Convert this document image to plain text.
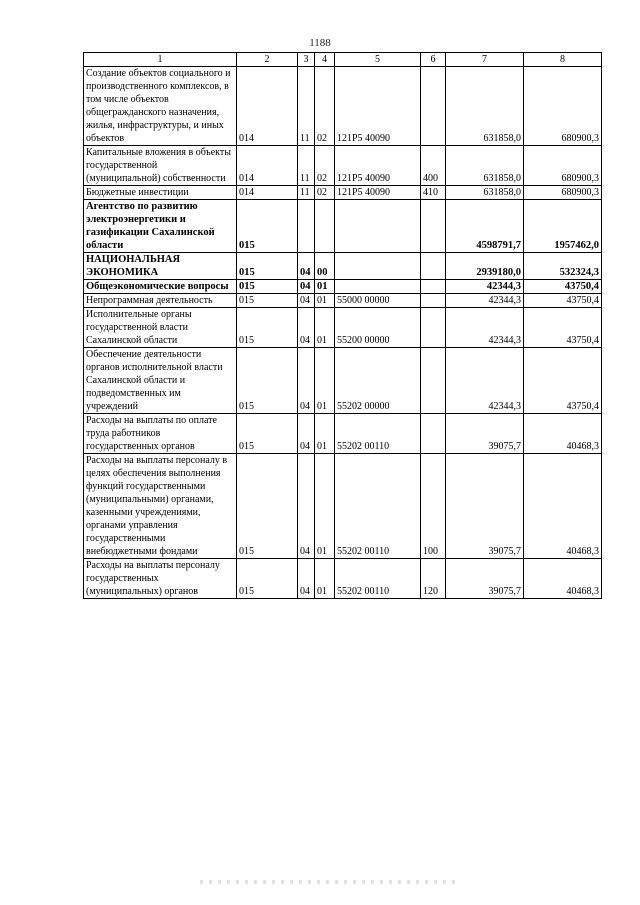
1188
1	2	3	4	5	6	7	8
Создание объектов социального и производственного комплексов, в том числе объектов общегражданского назначения, жилья, инфраструктуры, и иных объектов	014	11	02	121P5 40090		631858,0	680900,3
Капитальные вложения в объекты государственной (муниципальной) собственности	014	11	02	121P5 40090	400	631858,0	680900,3
Бюджетные инвестиции	014	11	02	121P5 40090	410	631858,0	680900,3
Агентство по развитию электроэнергетики и газификации Сахалинской области	015					4598791,7	1957462,0
НАЦИОНАЛЬНАЯ ЭКОНОМИКА	015	04	00			2939180,0	532324,3
Общеэкономические вопросы	015	04	01			42344,3	43750,4
Непрограммная деятельность	015	04	01	55000 00000		42344,3	43750,4
Исполнительные органы государственной власти Сахалинской области	015	04	01	55200 00000		42344,3	43750,4
Обеспечение деятельности органов исполнительной власти Сахалинской области и подведомственных им учреждений	015	04	01	55202 00000		42344,3	43750,4
Расходы на выплаты по оплате труда работников государственных органов	015	04	01	55202 00110		39075,7	40468,3
Расходы на выплаты персоналу в целях обеспечения выполнения функций государственными (муниципальными) органами, казенными учреждениями, органами управления государственными внебюджетными фондами	015	04	01	55202 00110	100	39075,7	40468,3
Расходы на выплаты персоналу государственных (муниципальных) органов	015	04	01	55202 00110	120	39075,7	40468,3
